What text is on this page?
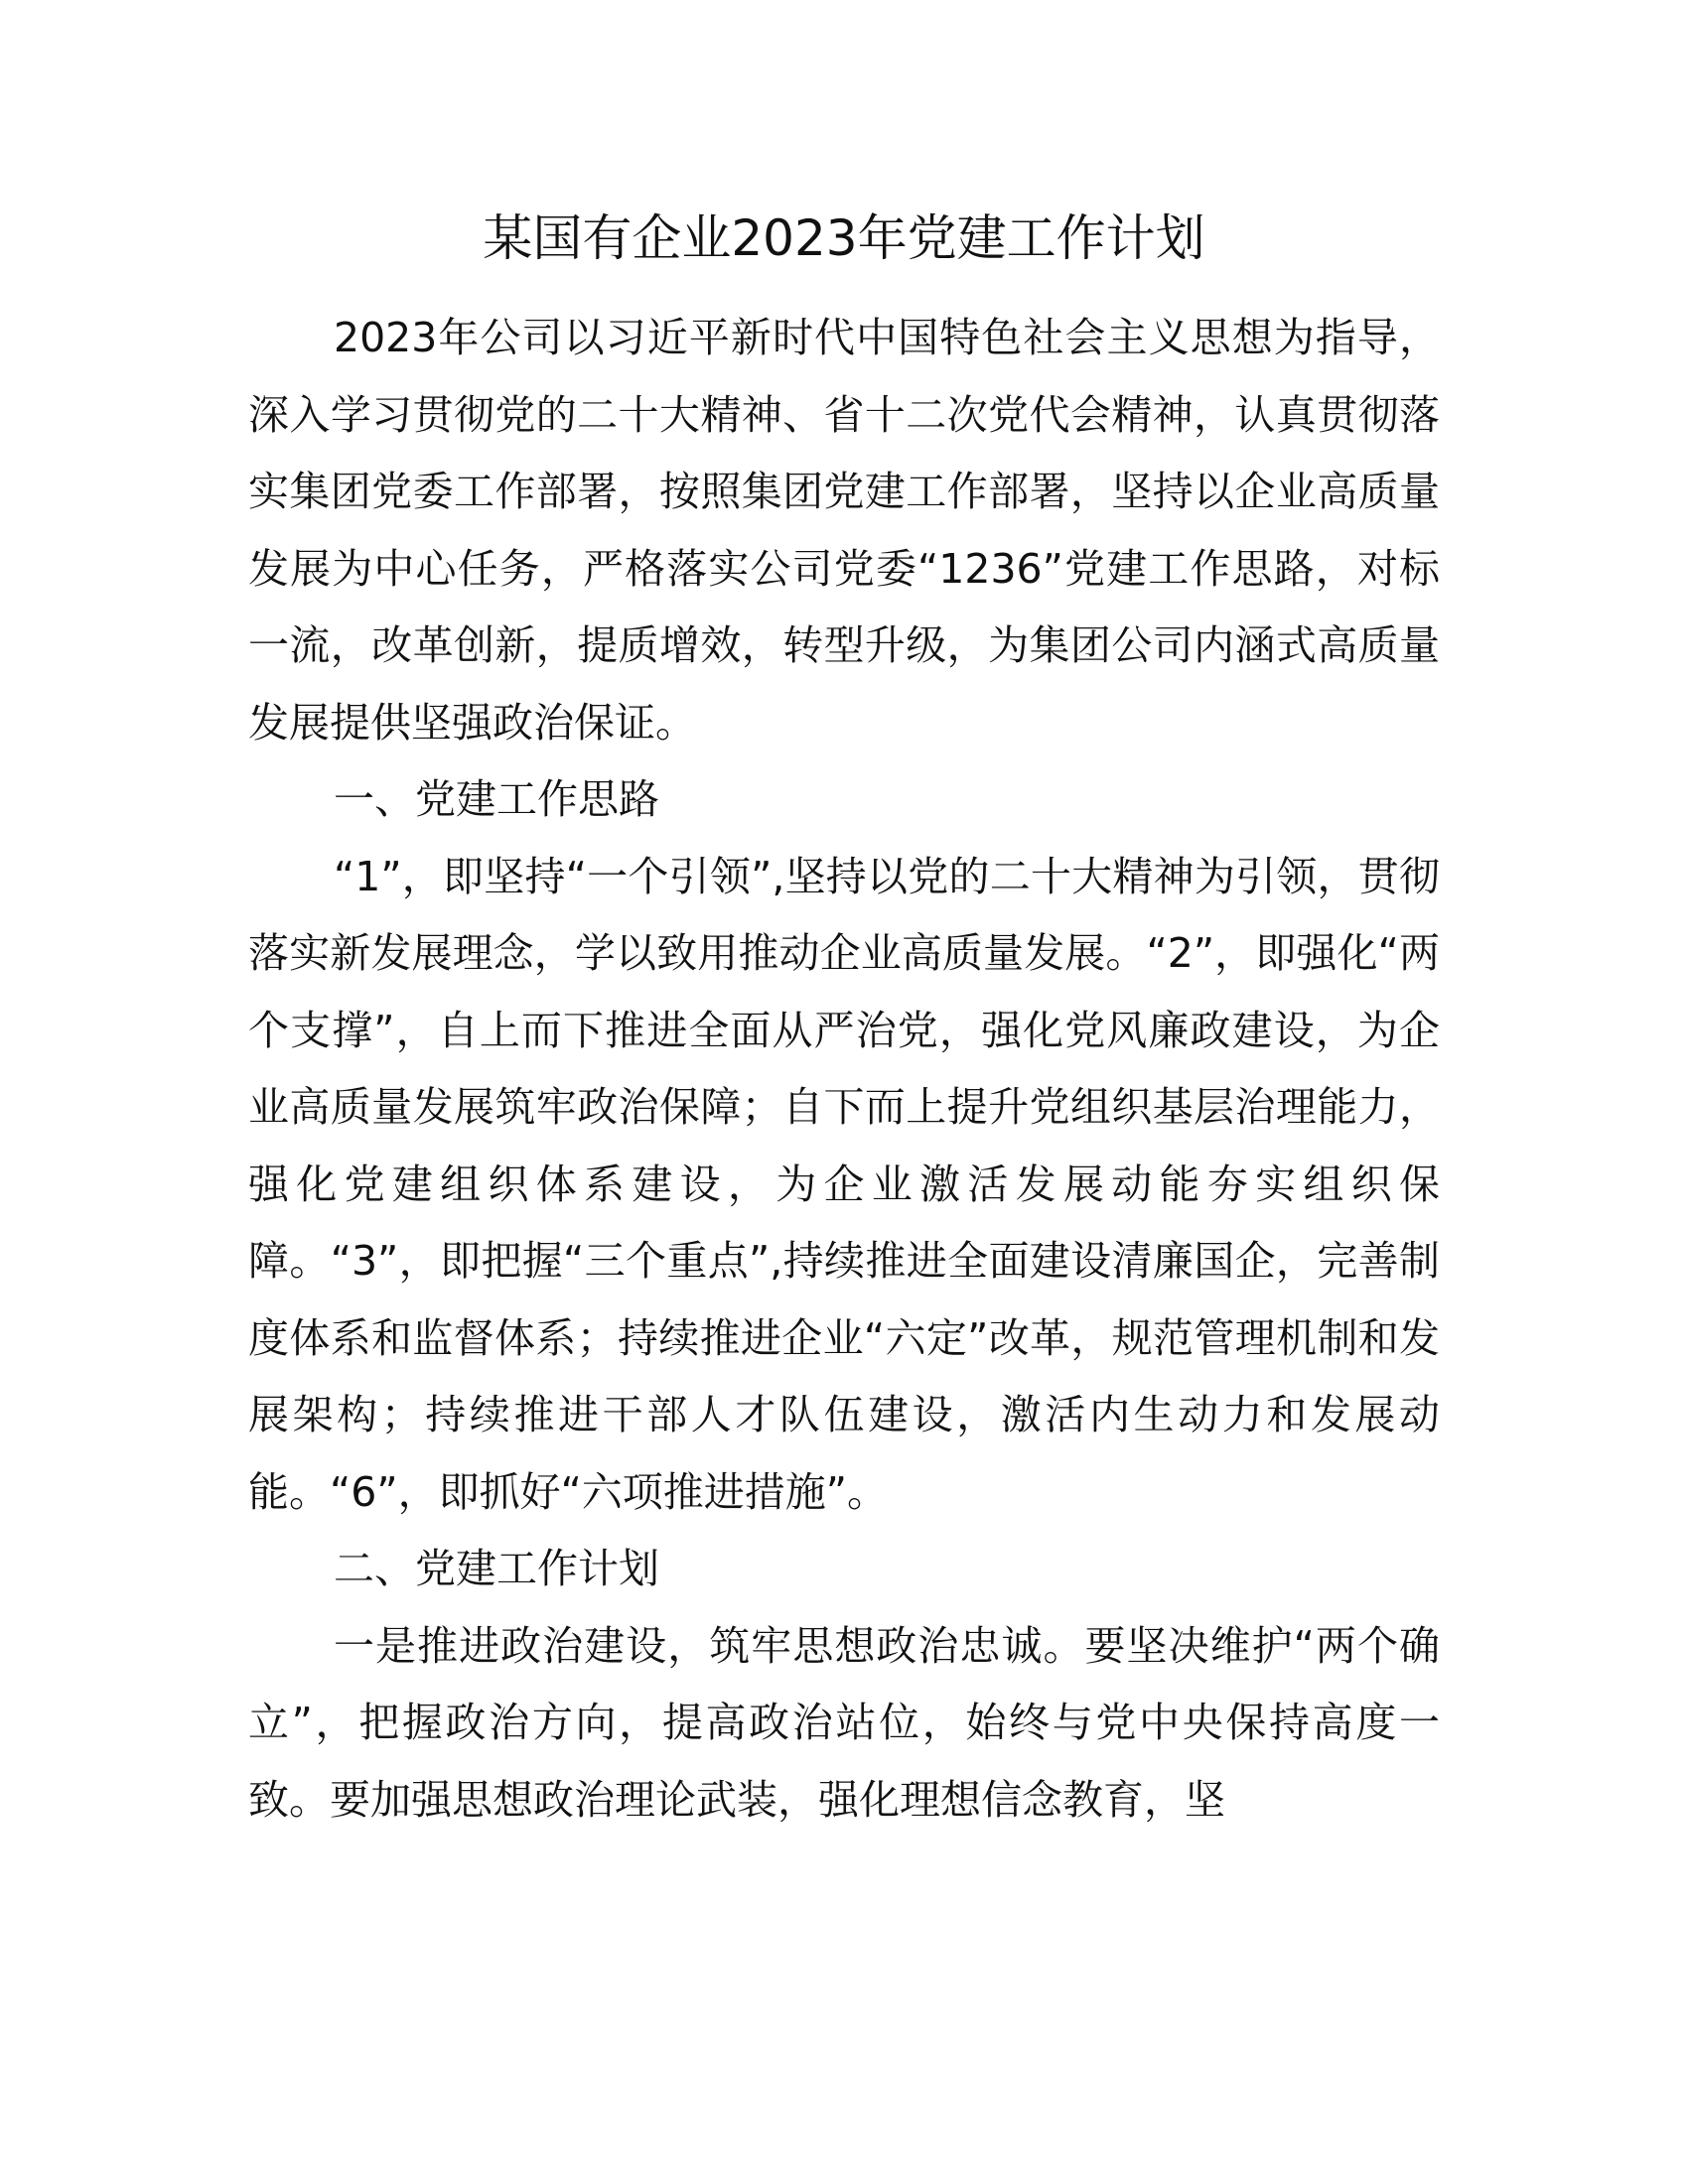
某国有企业2023年党建工作计划

2023年公司以习近平新时代中国特色社会主义思想为指导，深入学习贯彻党的二十大精神、省十二次党代会精神，认真贯彻落实集团党委工作部署，按照集团党建工作部署，坚持以企业高质量发展为中心任务，严格落实公司党委“1236”党建工作思路，对标一流，改革创新，提质增效，转型升级，为集团公司内涵式高质量发展提供坚强政治保证。

一、党建工作思路

“1”，即坚持“一个引领”,坚持以党的二十大精神为引领，贯彻落实新发展理念，学以致用推动企业高质量发展。“2”，即强化“两个支撑”，自上而下推进全面从严治党，强化党风廉政建设，为企业高质量发展筑牢政治保障；自下而上提升党组织基层治理能力，强化党建组织体系建设，为企业激活发展动能夯实组织保障。“3”，即把握“三个重点”,持续推进全面建设清廉国企，完善制度体系和监督体系；持续推进企业“六定”改革，规范管理机制和发展架构；持续推进干部人才队伍建设，激活内生动力和发展动能。“6”，即抓好“六项推进措施”。

二、党建工作计划

一是推进政治建设，筑牢思想政治忠诚。要坚决维护“两个确立”，把握政治方向，提高政治站位，始终与党中央保持高度一致。要加强思想政治理论武装，强化理想信念教育，坚
